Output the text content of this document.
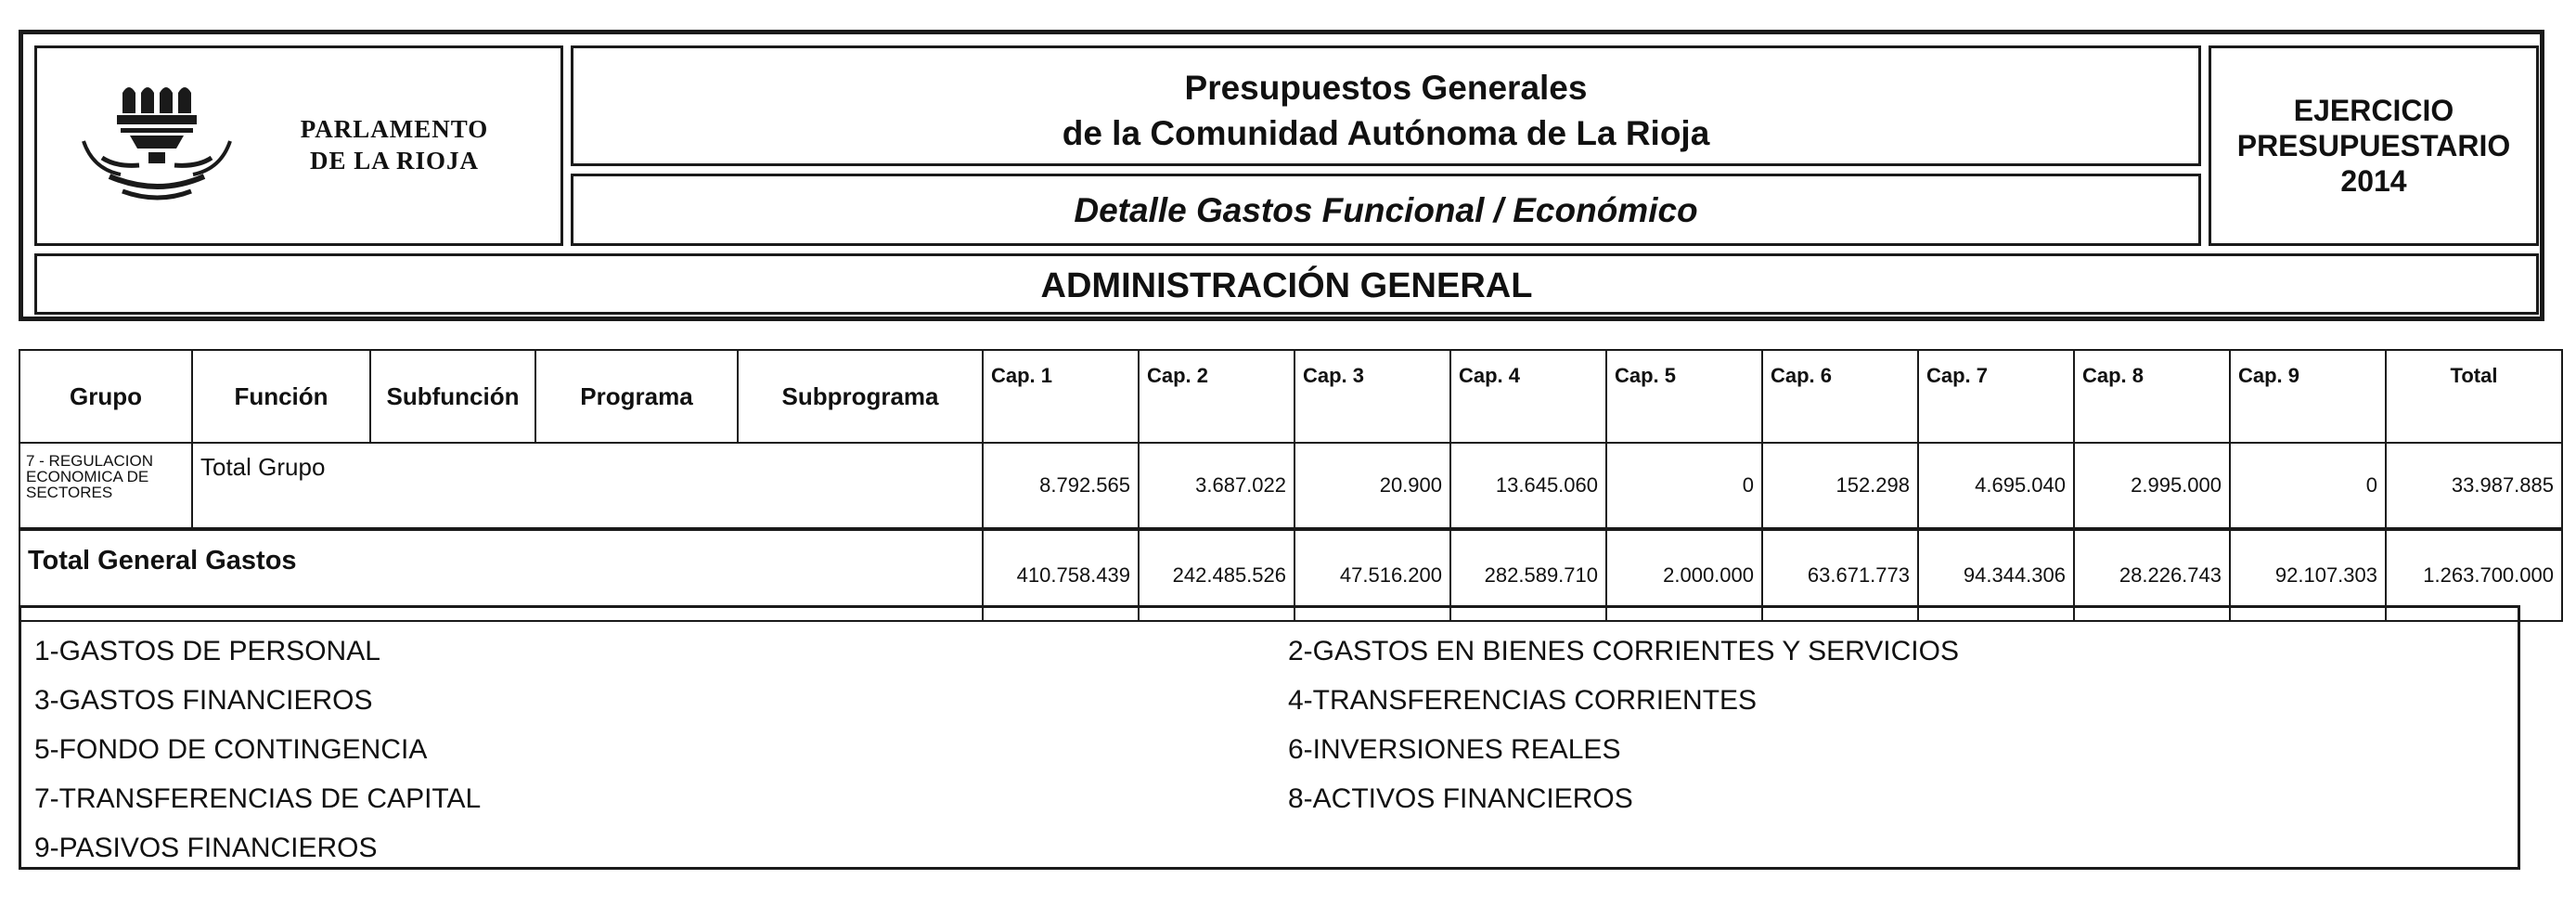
PARLAMENTO
DE LA RIOJA
Presupuestos Generales
de la Comunidad Autónoma de La Rioja
Detalle Gastos Funcional / Económico
EJERCICIO
PRESUPUESTARIO
2014
ADMINISTRACIÓN GENERAL
Grupo	Función	Subfunción	Programa	Subprograma	Cap. 1	Cap. 2	Cap. 3	Cap. 4	Cap. 5	Cap. 6	Cap. 7	Cap. 8	Cap. 9	Total

7 - REGULACION ECONOMICA DE SECTORES	Total Grupo				8.792.565	3.687.022	20.900	13.645.060	0	152.298	4.695.040	2.995.000	0	33.987.885
Total General Gastos					410.758.439	242.485.526	47.516.200	282.589.710	2.000.000	63.671.773	94.344.306	28.226.743	92.107.303	1.263.700.000
1-GASTOS DE PERSONAL
3-GASTOS FINANCIEROS
5-FONDO DE CONTINGENCIA
7-TRANSFERENCIAS DE CAPITAL
9-PASIVOS FINANCIEROS
2-GASTOS EN BIENES CORRIENTES Y SERVICIOS
4-TRANSFERENCIAS CORRIENTES
6-INVERSIONES REALES
8-ACTIVOS FINANCIEROS
